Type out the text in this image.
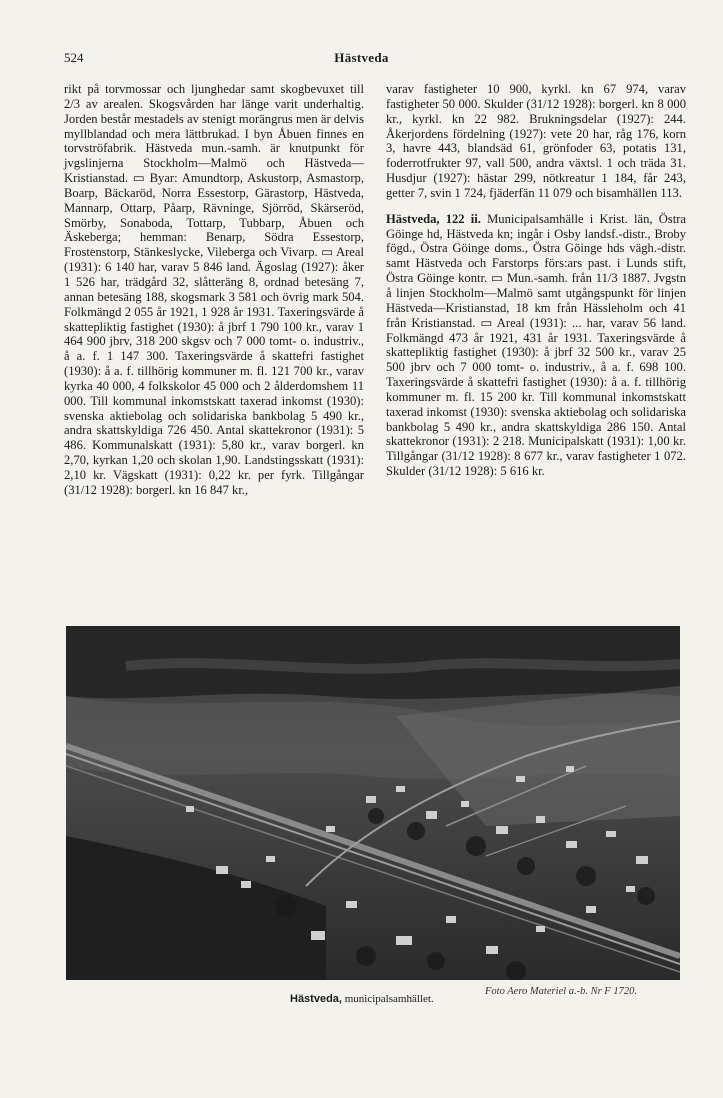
524	Hästveda

rikt på torvmossar och ljunghedar samt skogbevuxet till 2/3 av arealen. Skogsvården har länge varit underhaltig. Jorden består mestadels av stenigt morängrus men är delvis myllblandad och mera lättbrukad. I byn Åbuen finnes en torvströfabrik. Hästveda mun.-samh. är knutpunkt för jvgslinjerna Stockholm—Malmö och Hästveda—Kristianstad. ▭ Byar: Amundtorp, Askustorp, Asmastorp, Boarp, Bäckaröd, Norra Essestorp, Gärastorp, Hästveda, Mannarp, Ottarp, Påarp, Rävninge, Sjörröd, Skärseröd, Smörby, Sonaboda, Tottarp, Tubbarp, Åbuen och Äskeberga; hemman: Benarp, Södra Essestorp, Frostenstorp, Stänkeslycke, Vileberga och Vivarp. ▭ Areal (1931): 6 140 har, varav 5 846 land. Ägoslag (1927): åker 1 526 har, trädgård 32, slåtteräng 8, ordnad betesäng 7, annan betesäng 188, skogsmark 3 581 och övrig mark 504. Folkmängd 2 055 år 1921, 1 928 år 1931. Taxeringsvärde å skattepliktig fastighet (1930): å jbrf 1 790 100 kr., varav 1 464 900 jbrv, 318 200 skgsv och 7 000 tomt- o. industriv., å a. f. 1 147 300. Taxeringsvärde å skattefri fastighet (1930): å a. f. tillhörig kommuner m. fl. 121 700 kr., varav kyrka 40 000, 4 folkskolor 45 000 och 2 ålderdomshem 11 000. Till kommunal inkomstskatt taxerad inkomst (1930): svenska aktiebolag och solidariska bankbolag 5 490 kr., andra skattskyldiga 726 450. Antal skattekronor (1931): 5 486. Kommunalskatt (1931): 5,80 kr., varav borgerl. kn 2,70, kyrkan 1,20 och skolan 1,90. Landstingsskatt (1931): 2,10 kr. Vägskatt (1931): 0,22 kr. per fyrk. Tillgångar (31/12 1928): borgerl. kn 16 847 kr.,

varav fastigheter 10 900, kyrkl. kn 67 974, varav fastigheter 50 000. Skulder (31/12 1928): borgerl. kn 8 000 kr., kyrkl. kn 22 982. Brukningsdelar (1927): 244. Åkerjordens fördelning (1927): vete 20 har, råg 176, korn 3, havre 443, blandsäd 61, grönfoder 63, potatis 131, foderrotfrukter 97, vall 500, andra växtsl. 1 och träda 31. Husdjur (1927): hästar 299, nötkreatur 1 184, får 243, getter 7, svin 1 724, fjäderfän 11 079 och bisamhällen 113.

Hästveda, 122 ii. Municipalsamhälle i Krist. län, Östra Göinge hd, Hästveda kn; ingår i Osby landsf.-distr., Broby fögd., Östra Göinge doms., Östra Göinge hds vägh.-distr. samt Hästveda och Farstorps förs:ars past. i Lunds stift, Östra Göinge kontr. ▭ Mun.-samh. från 11/3 1887. Jvgstn å linjen Stockholm—Malmö samt utgångspunkt för linjen Hästveda—Kristianstad, 18 km från Hässleholm och 41 från Kristianstad. ▭ Areal (1931): ... har, varav 56 land. Folkmängd 473 år 1921, 431 år 1931. Taxeringsvärde å skattepliktig fastighet (1930): å jbrf 32 500 kr., varav 25 500 jbrv och 7 000 tomt- o. industriv., å a. f. 698 100. Taxeringsvärde å skattefri fastighet (1930): å a. f. tillhörig kommuner m. fl. 15 200 kr. Till kommunal inkomstskatt taxerad inkomst (1930): svenska aktiebolag och solidariska bankbolag 5 490 kr., andra skattskyldiga 286 150. Antal skattekronor (1931): 2 218. Municipalskatt (1931): 1,00 kr. Tillgångar (31/12 1928): 8 677 kr., varav fastigheter 1 072. Skulder (31/12 1928): 5 616 kr.

Hästveda, municipalsamhället.
Foto Aero Materiel a.-b. Nr F 1720.
